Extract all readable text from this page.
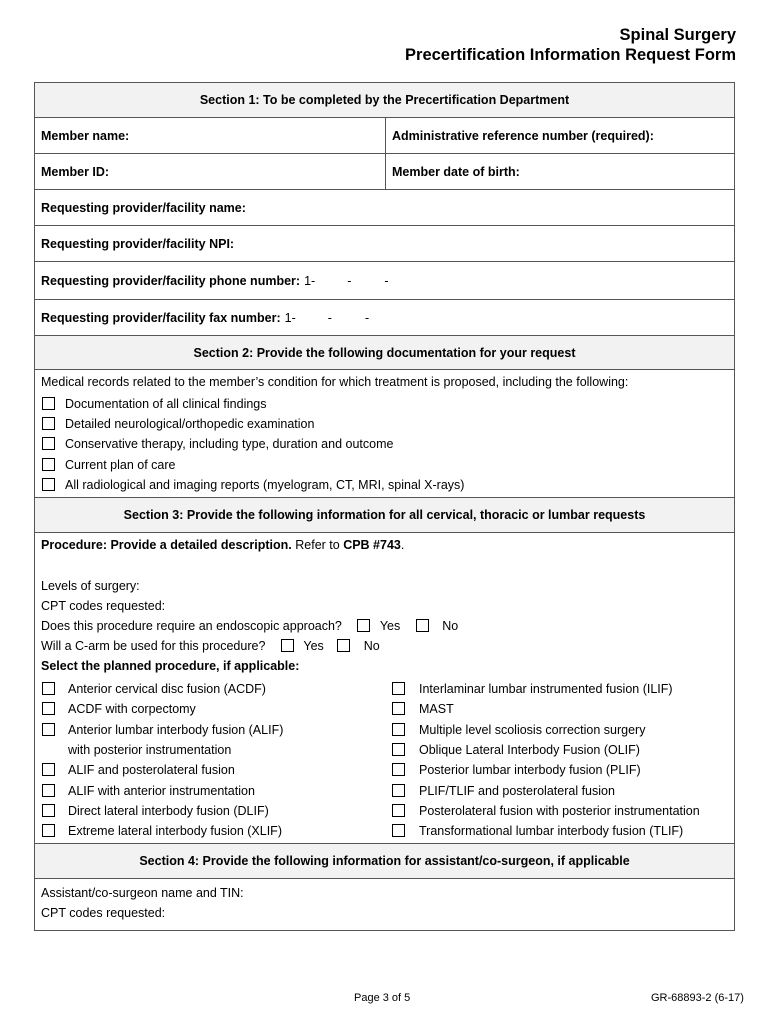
Spinal Surgery
Precertification Information Request Form
Section 1: To be completed by the Precertification Department
Member name:	Administrative reference number (required):
Member ID:	Member date of birth:
Requesting provider/facility name:
Requesting provider/facility NPI:
Requesting provider/facility phone number: 1-	-	-
Requesting provider/facility fax number: 1-	-	-
Section 2: Provide the following documentation for your request
Medical records related to the member’s condition for which treatment is proposed, including the following:
Documentation of all clinical findings
Detailed neurological/orthopedic examination
Conservative therapy, including type, duration and outcome
Current plan of care
All radiological and imaging reports (myelogram, CT, MRI, spinal X-rays)
Section 3: Provide the following information for all cervical, thoracic or lumbar requests
Procedure: Provide a detailed description. Refer to CPB #743.
Levels of surgery:
CPT codes requested:
Does this procedure require an endoscopic approach?	Yes	No
Will a C-arm be used for this procedure?	Yes	No
Select the planned procedure, if applicable:
Anterior cervical disc fusion (ACDF)
ACDF with corpectomy
Anterior lumbar interbody fusion (ALIF)
with posterior instrumentation
ALIF and posterolateral fusion
ALIF with anterior instrumentation
Direct lateral interbody fusion (DLIF)
Extreme lateral interbody fusion (XLIF)
Interlaminar lumbar instrumented fusion (ILIF)
MAST
Multiple level scoliosis correction surgery
Oblique Lateral Interbody Fusion (OLIF)
Posterior lumbar interbody fusion (PLIF)
PLIF/TLIF and posterolateral fusion
Posterolateral fusion with posterior instrumentation
Transformational lumbar interbody fusion (TLIF)
Section 4: Provide the following information for assistant/co-surgeon, if applicable
Assistant/co-surgeon name and TIN:
CPT codes requested:
Page 3 of 5	GR-68893-2 (6-17)
